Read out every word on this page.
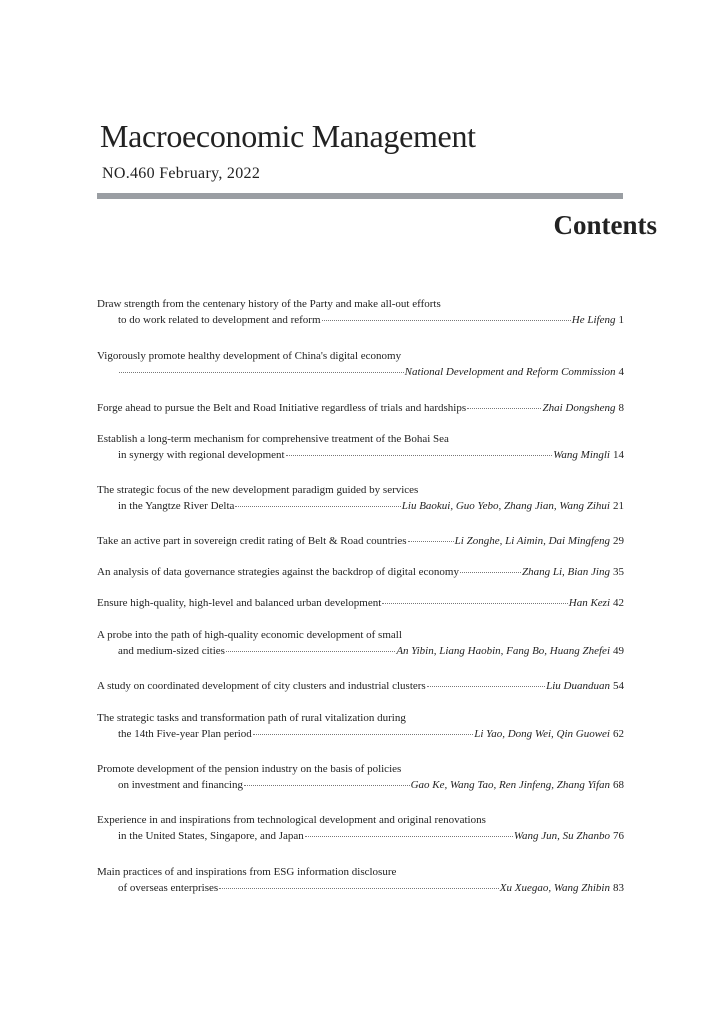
Macroeconomic Management
NO.460 February, 2022
Contents
Draw strength from the centenary history of the Party and make all-out efforts
to do work related to development and reform	He Lifeng 1
Vigorously promote healthy development of China's digital economy
National Development and Reform Commission 4
Forge ahead to pursue the Belt and Road Initiative regardless of trials and hardships	Zhai Dongsheng 8
Establish a long-term mechanism for comprehensive treatment of the Bohai Sea
in synergy with regional development	Wang Mingli 14
The strategic focus of the new development paradigm guided by services
in the Yangtze River Delta	Liu Baokui, Guo Yebo, Zhang Jian, Wang Zihui 21
Take an active part in sovereign credit rating of Belt & Road countries	Li Zonghe, Li Aimin, Dai Mingfeng 29
An analysis of data governance strategies against the backdrop of digital economy	Zhang Li, Bian Jing 35
Ensure high-quality, high-level and balanced urban development	Han Kezi 42
A probe into the path of high-quality economic development of small
and medium-sized cities	An Yibin, Liang Haobin, Fang Bo, Huang Zhefei 49
A study on coordinated development of city clusters and industrial clusters	Liu Duanduan 54
The strategic tasks and transformation path of rural vitalization during
the 14th Five-year Plan period	Li Yao, Dong Wei, Qin Guowei 62
Promote development of the pension industry on the basis of policies
on investment and financing	Gao Ke, Wang Tao, Ren Jinfeng, Zhang Yifan 68
Experience in and inspirations from technological development and original renovations
in the United States, Singapore, and Japan	Wang Jun, Su Zhanbo 76
Main practices of and inspirations from ESG information disclosure
of overseas enterprises	Xu Xuegao, Wang Zhibin 83
